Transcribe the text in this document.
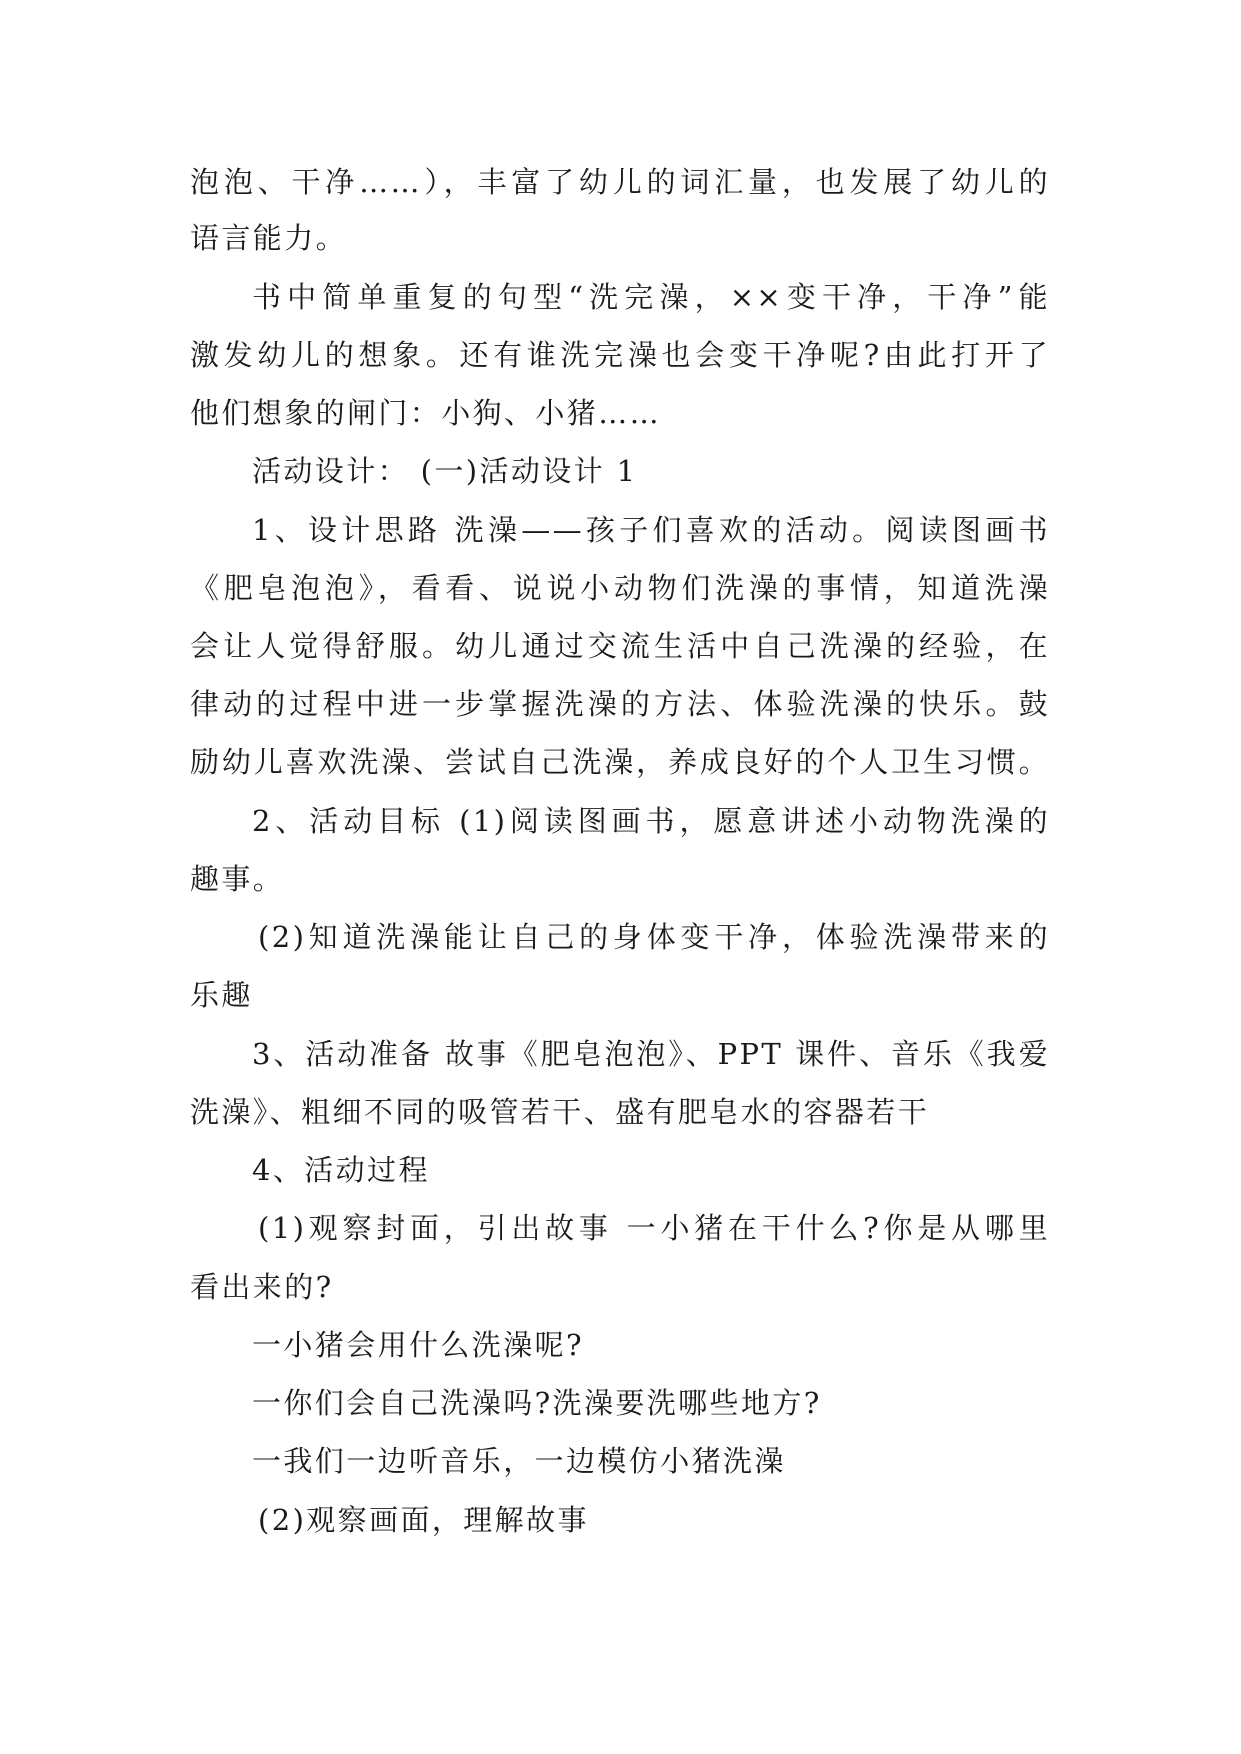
泡泡、干净……），丰富了幼儿的词汇量，也发展了幼儿的
语言能力。
书中简单重复的句型“洗完澡，××变干净，干净”能
激发幼儿的想象。还有谁洗完澡也会变干净呢?由此打开了
他们想象的闸门：小狗、小猪……
活动设计： (一)活动设计 1
1、设计思路 洗澡——孩子们喜欢的活动。阅读图画书
《肥皂泡泡》，看看、说说小动物们洗澡的事情，知道洗澡
会让人觉得舒服。幼儿通过交流生活中自己洗澡的经验，在
律动的过程中进一步掌握洗澡的方法、体验洗澡的快乐。鼓
励幼儿喜欢洗澡、尝试自己洗澡，养成良好的个人卫生习惯。
2、活动目标 (1)阅读图画书，愿意讲述小动物洗澡的
趣事。
(2)知道洗澡能让自己的身体变干净，体验洗澡带来的
乐趣
3、活动准备 故事《肥皂泡泡》、PPT 课件、音乐《我爱
洗澡》、粗细不同的吸管若干、盛有肥皂水的容器若干
4、活动过程
(1)观察封面，引出故事 一小猪在干什么?你是从哪里
看出来的?
一小猪会用什么洗澡呢?
一你们会自己洗澡吗?洗澡要洗哪些地方?
一我们一边听音乐，一边模仿小猪洗澡
(2)观察画面，理解故事
